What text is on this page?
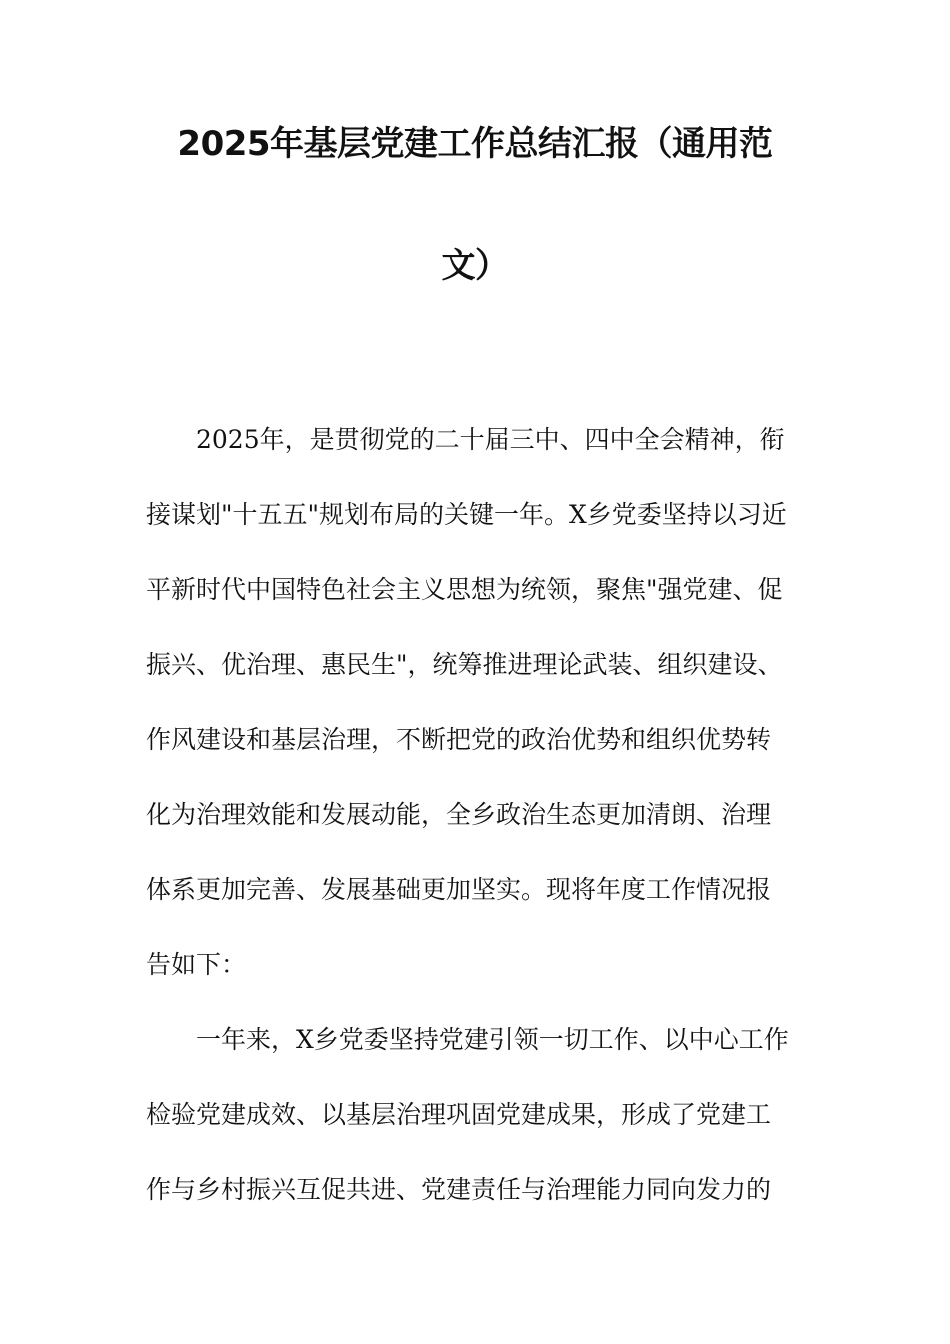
2025年基层党建工作总结汇报（通用范
文）
2025年，是贯彻党的二十届三中、四中全会精神，衔
接谋划"十五五"规划布局的关键一年。X乡党委坚持以习近
平新时代中国特色社会主义思想为统领，聚焦"强党建、促
振兴、优治理、惠民生"，统筹推进理论武装、组织建设、
作风建设和基层治理，不断把党的政治优势和组织优势转
化为治理效能和发展动能，全乡政治生态更加清朗、治理
体系更加完善、发展基础更加坚实。现将年度工作情况报
告如下：
一年来，X乡党委坚持党建引领一切工作、以中心工作
检验党建成效、以基层治理巩固党建成果，形成了党建工
作与乡村振兴互促共进、党建责任与治理能力同向发力的
